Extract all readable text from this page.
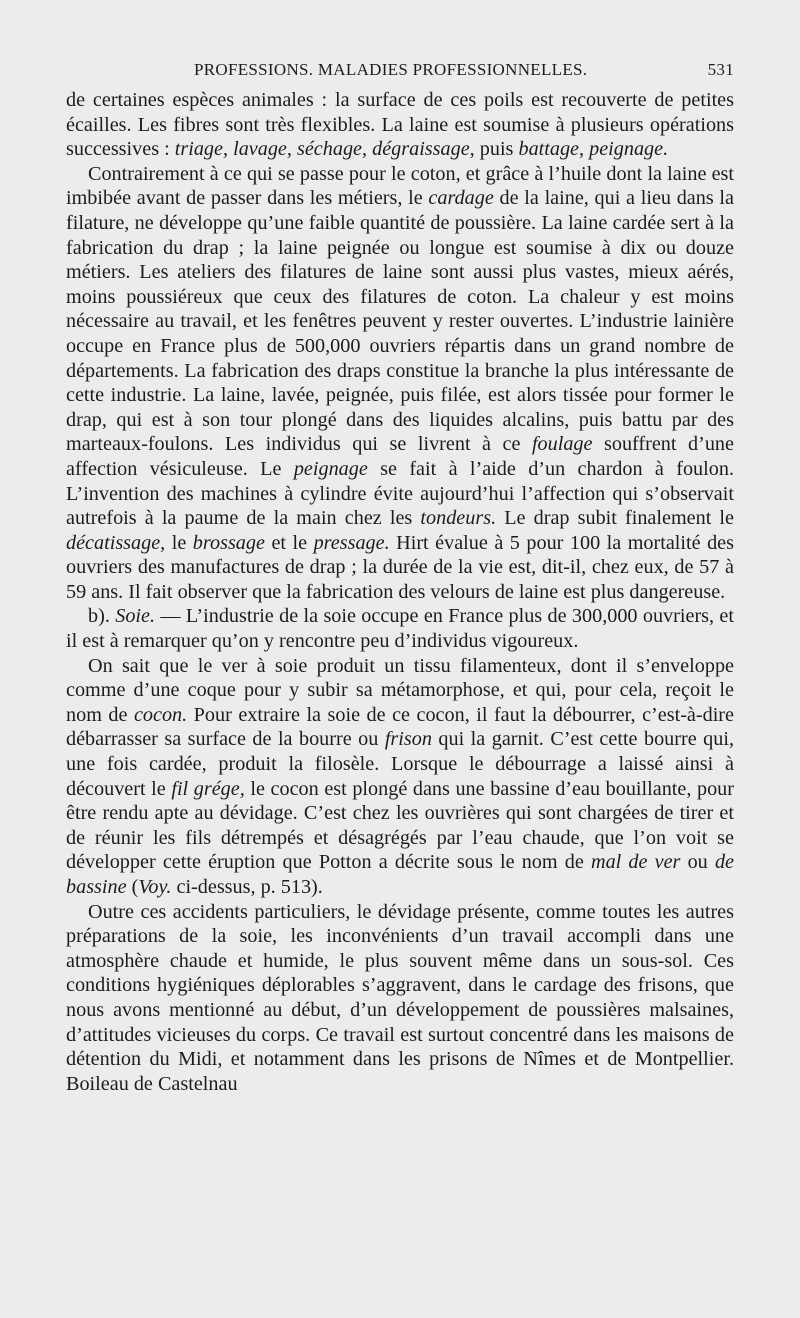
PROFESSIONS. MALADIES PROFESSIONNELLES.	531

de certaines espèces animales : la surface de ces poils est recouverte de petites écailles. Les fibres sont très flexibles. La laine est soumise à plusieurs opérations successives : triage, lavage, séchage, dégraissage, puis battage, peignage.

Contrairement à ce qui se passe pour le coton, et grâce à l’huile dont la laine est imbibée avant de passer dans les métiers, le cardage de la laine, qui a lieu dans la filature, ne développe qu’une faible quantité de poussière. La laine cardée sert à la fabrication du drap ; la laine peignée ou longue est soumise à dix ou douze métiers. Les ateliers des filatures de laine sont aussi plus vastes, mieux aérés, moins poussiéreux que ceux des filatures de coton. La chaleur y est moins nécessaire au travail, et les fenêtres peuvent y rester ouvertes. L’industrie lainière occupe en France plus de 500,000 ouvriers répartis dans un grand nombre de départements. La fabrication des draps constitue la branche la plus intéressante de cette industrie. La laine, lavée, peignée, puis filée, est alors tissée pour former le drap, qui est à son tour plongé dans des liquides alcalins, puis battu par des marteaux-foulons. Les individus qui se livrent à ce foulage souffrent d’une affection vésiculeuse. Le peignage se fait à l’aide d’un chardon à foulon. L’invention des machines à cylindre évite aujourd’hui l’affection qui s’observait autrefois à la paume de la main chez les tondeurs. Le drap subit finalement le décatissage, le brossage et le pressage. Hirt évalue à 5 pour 100 la mortalité des ouvriers des manufactures de drap ; la durée de la vie est, dit-il, chez eux, de 57 à 59 ans. Il fait observer que la fabrication des velours de laine est plus dangereuse.

b). Soie. — L’industrie de la soie occupe en France plus de 300,000 ouvriers, et il est à remarquer qu’on y rencontre peu d’individus vigoureux.

On sait que le ver à soie produit un tissu filamenteux, dont il s’enveloppe comme d’une coque pour y subir sa métamorphose, et qui, pour cela, reçoit le nom de cocon. Pour extraire la soie de ce cocon, il faut la débourrer, c’est-à-dire débarrasser sa surface de la bourre ou frison qui la garnit. C’est cette bourre qui, une fois cardée, produit la filosèle. Lorsque le débourrage a laissé ainsi à découvert le fil grége, le cocon est plongé dans une bassine d’eau bouillante, pour être rendu apte au dévidage. C’est chez les ouvrières qui sont chargées de tirer et de réunir les fils détrempés et désagrégés par l’eau chaude, que l’on voit se développer cette éruption que Potton a décrite sous le nom de mal de ver ou de bassine (Voy. ci-dessus, p. 513).

Outre ces accidents particuliers, le dévidage présente, comme toutes les autres préparations de la soie, les inconvénients d’un travail accompli dans une atmosphère chaude et humide, le plus souvent même dans un sous-sol. Ces conditions hygiéniques déplorables s’aggravent, dans le cardage des frisons, que nous avons mentionné au début, d’un développement de poussières malsaines, d’attitudes vicieuses du corps. Ce travail est surtout concentré dans les maisons de détention du Midi, et notamment dans les prisons de Nîmes et de Montpellier. Boileau de Castelnau
